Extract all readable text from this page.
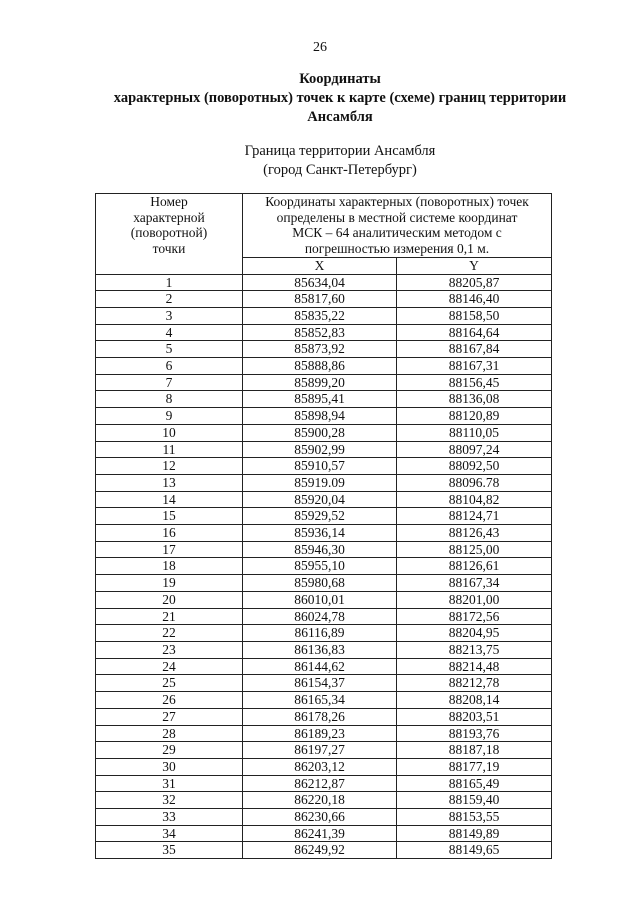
26
Координаты
характерных (поворотных) точек к карте (схеме) границ территории
Ансамбля
Граница территории Ансамбля
(город Санкт-Петербург)
Номер
характерной
(поворотной)
точки	Координаты характерных (поворотных) точек
определены в местной системе координат
МСК – 64 аналитическим методом с
погрешностью измерения 0,1 м.	

	X	Y
1	85634,04	88205,87
2	85817,60	88146,40
3	85835,22	88158,50
4	85852,83	88164,64
5	85873,92	88167,84
6	85888,86	88167,31
7	85899,20	88156,45
8	85895,41	88136,08
9	85898,94	88120,89
10	85900,28	88110,05
11	85902,99	88097,24
12	85910,57	88092,50
13	85919.09	88096.78
14	85920,04	88104,82
15	85929,52	88124,71
16	85936,14	88126,43
17	85946,30	88125,00
18	85955,10	88126,61
19	85980,68	88167,34
20	86010,01	88201,00
21	86024,78	88172,56
22	86116,89	88204,95
23	86136,83	88213,75
24	86144,62	88214,48
25	86154,37	88212,78
26	86165,34	88208,14
27	86178,26	88203,51
28	86189,23	88193,76
29	86197,27	88187,18
30	86203,12	88177,19
31	86212,87	88165,49
32	86220,18	88159,40
33	86230,66	88153,55
34	86241,39	88149,89
35	86249,92	88149,65
